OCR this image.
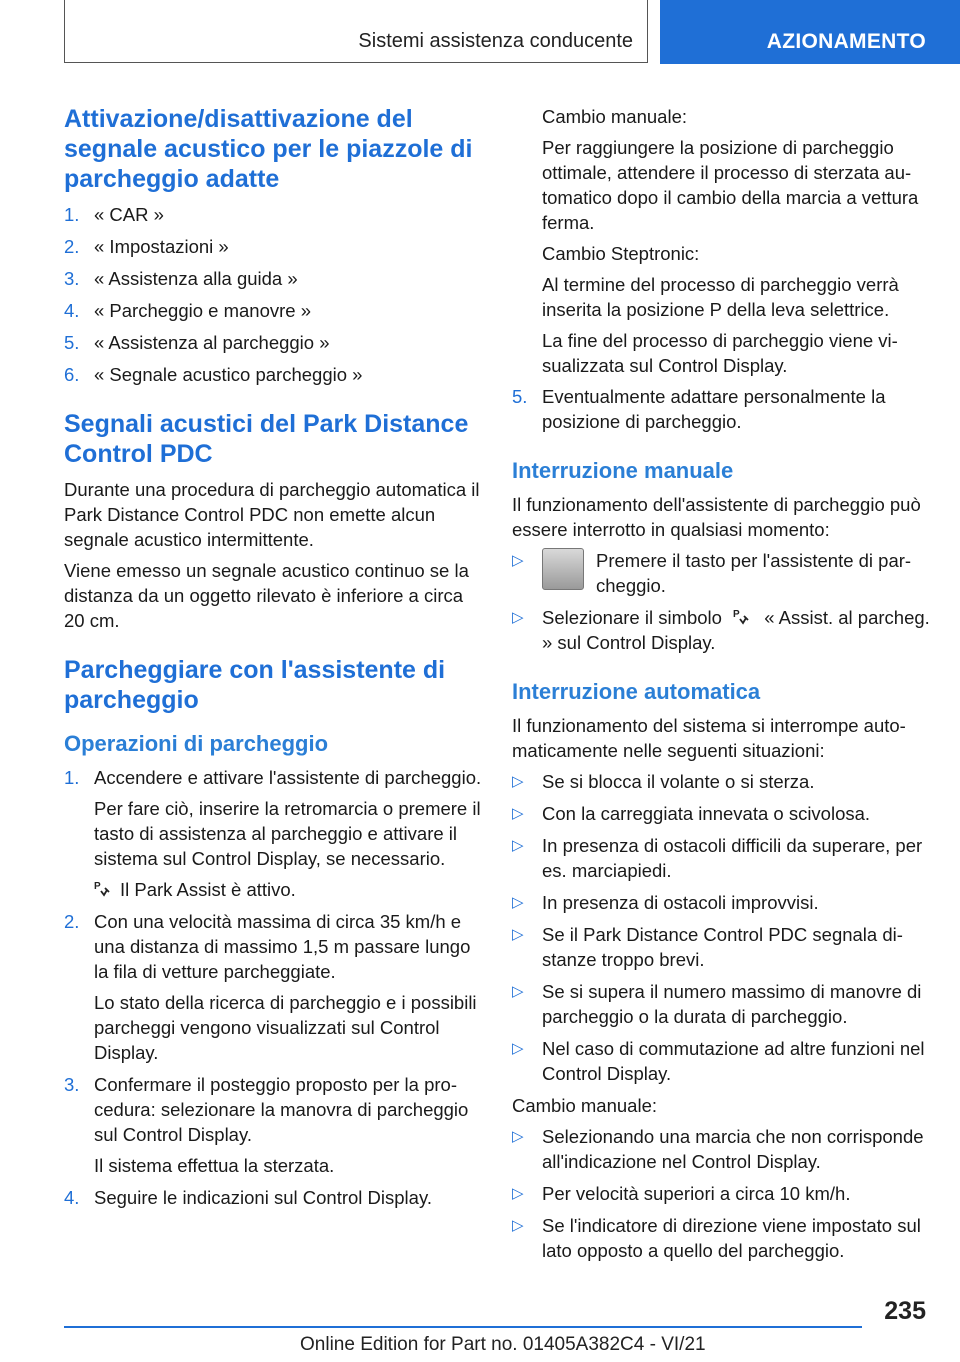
Sistemi assistenza conducente	AZIONAMENTO
Attivazione/disattivazione del segnale acustico per le piazzole di parcheggio adatte
1. « CAR »
2. « Impostazioni »
3. « Assistenza alla guida »
4. « Parcheggio e manovre »
5. « Assistenza al parcheggio »
6. « Segnale acustico parcheggio »
Segnali acustici del Park Distance Control PDC

Durante una procedura di parcheggio automatica il Park Distance Control PDC non emette alcun segnale acustico intermittente.

Viene emesso un segnale acustico continuo se la distanza da un oggetto rilevato è inferiore a circa 20 cm.

Parcheggiare con l'assistente di parcheggio
Operazioni di parcheggio
1. Accendere e attivare l'assistente di parcheggio.

Per fare ciò, inserire la retromarcia o premere il tasto di assistenza al parcheggio e attivare il sistema sul Control Display, se necessario.

P Il Park Assist è attivo.

2. Con una velocità massima di circa 35 km/h e una distanza di massimo 1,5 m passare lungo la fila di vetture parcheggiate.

Lo stato della ricerca di parcheggio e i possibili parcheggi vengono visualizzati sul Control Display.

3. Confermare il posteggio proposto per la procedura: selezionare la manovra di parcheggio sul Control Display.

Il sistema effettua la sterzata.

4. Seguire le indicazioni sul Control Display.

Cambio manuale:

Per raggiungere la posizione di parcheggio ottimale, attendere il processo di sterzata automatico dopo il cambio della marcia a vettura ferma.

Cambio Steptronic:

Al termine del processo di parcheggio verrà inserita la posizione P della leva selettrice.

La fine del processo di parcheggio viene visualizzata sul Control Display.

5. Eventualmente adattare personalmente la posizione di parcheggio.
Interruzione manuale

Il funzionamento dell'assistente di parcheggio può essere interrotto in qualsiasi momento:

▷	Premere il tasto per l'assistente di parcheggio.
▷ Selezionare il simbolo P « Assist. al parcheg. » sul Control Display.
Interruzione automatica

Il funzionamento del sistema si interrompe automaticamente nelle seguenti situazioni:

▷ Se si blocca il volante o si sterza.
▷ Con la carreggiata innevata o scivolosa.
▷ In presenza di ostacoli difficili da superare, per es. marciapiedi.
▷ In presenza di ostacoli improvvisi.
▷ Se il Park Distance Control PDC segnala distanze troppo brevi.
▷ Se si supera il numero massimo di manovre di parcheggio o la durata di parcheggio.
▷ Nel caso di commutazione ad altre funzioni nel Control Display.

Cambio manuale:

▷ Selezionando una marcia che non corrisponde all'indicazione nel Control Display.
▷ Per velocità superiori a circa 10 km/h.
▷ Se l'indicatore di direzione viene impostato sul lato opposto a quello del parcheggio.
235
Online Edition for Part no. 01405A382C4 - VI/21
